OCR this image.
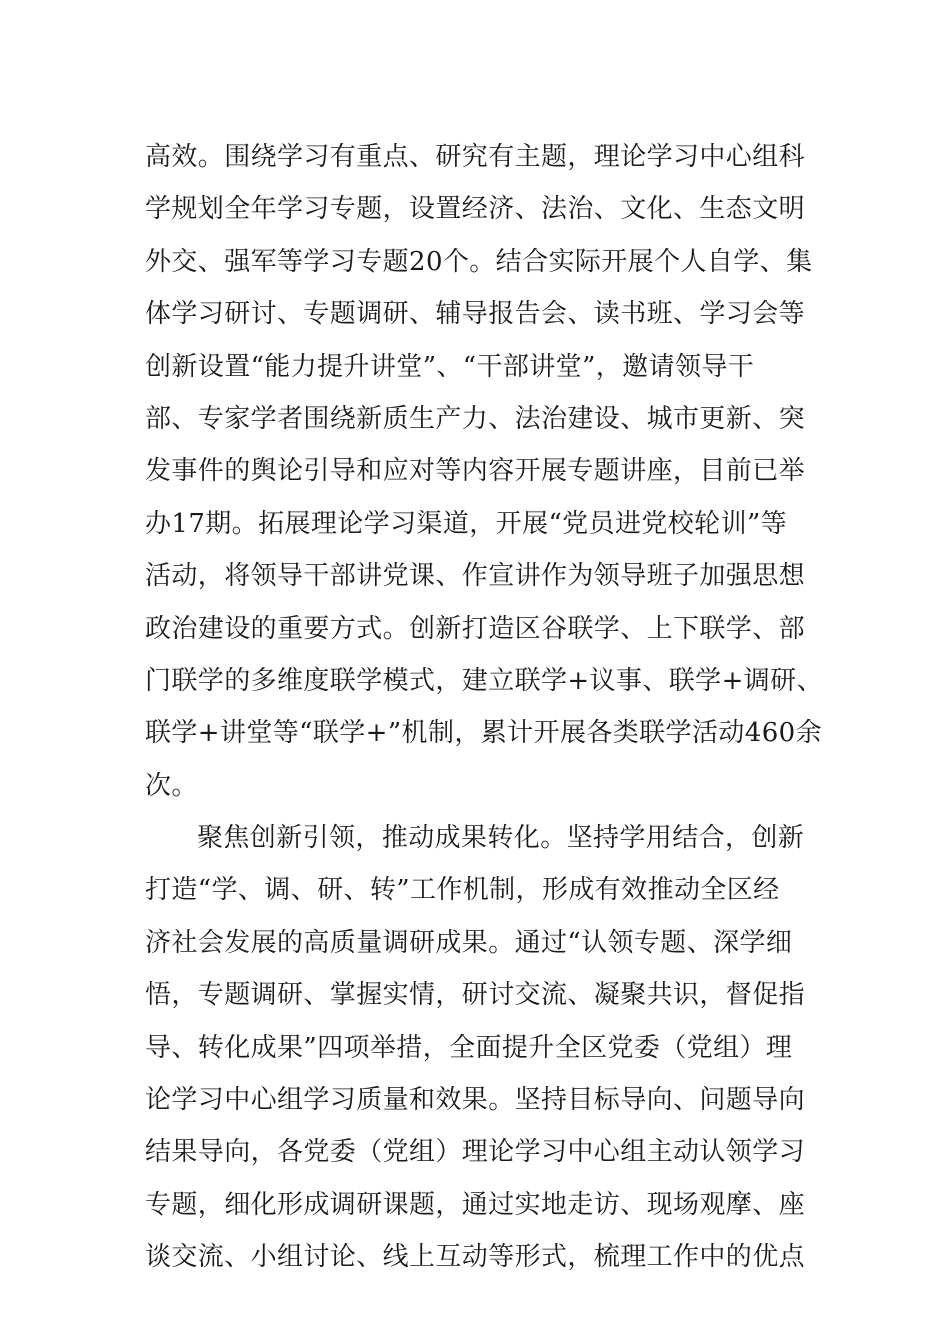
高效。围绕学习有重点、研究有主题，理论学习中心组科
学规划全年学习专题，设置经济、法治、文化、生态文明
外交、强军等学习专题20个。结合实际开展个人自学、集
体学习研讨、专题调研、辅导报告会、读书班、学习会等
创新设置“能力提升讲堂”、“干部讲堂”，邀请领导干
部、专家学者围绕新质生产力、法治建设、城市更新、突
发事件的舆论引导和应对等内容开展专题讲座，目前已举
办17期。拓展理论学习渠道，开展“党员进党校轮训”等
活动，将领导干部讲党课、作宣讲作为领导班子加强思想
政治建设的重要方式。创新打造区谷联学、上下联学、部
门联学的多维度联学模式，建立联学+议事、联学+调研、
联学+讲堂等“联学+”机制，累计开展各类联学活动460余
次。
聚焦创新引领，推动成果转化。坚持学用结合，创新
打造“学、调、研、转”工作机制，形成有效推动全区经
济社会发展的高质量调研成果。通过“认领专题、深学细
悟，专题调研、掌握实情，研讨交流、凝聚共识，督促指
导、转化成果”四项举措，全面提升全区党委（党组）理
论学习中心组学习质量和效果。坚持目标导向、问题导向
结果导向，各党委（党组）理论学习中心组主动认领学习
专题，细化形成调研课题，通过实地走访、现场观摩、座
谈交流、小组讨论、线上互动等形式，梳理工作中的优点
